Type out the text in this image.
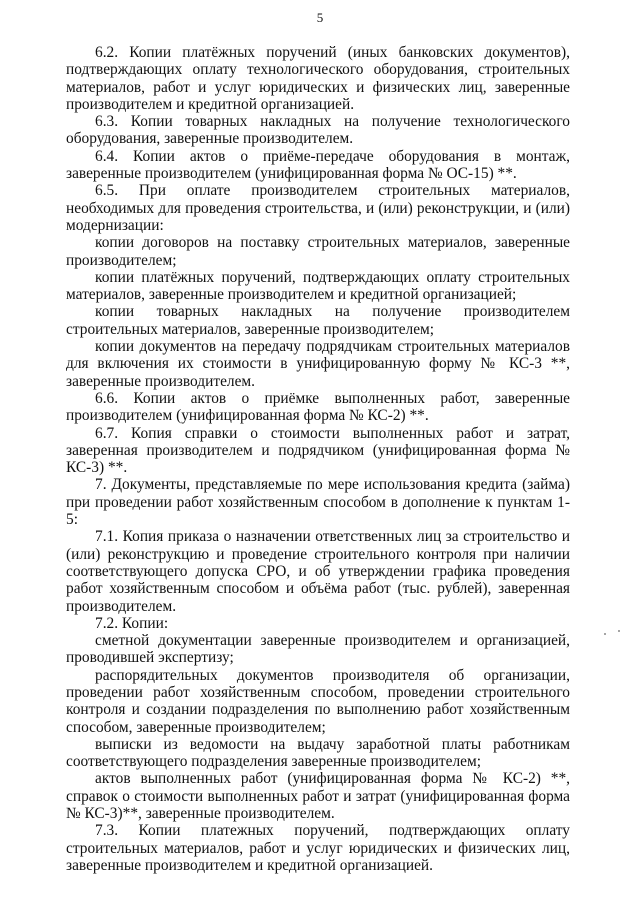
5

6.2. Копии платёжных поручений (иных банковских документов), подтверждающих оплату технологического оборудования, строительных материалов, работ и услуг юридических и физических лиц, заверенные производителем и кредитной организацией.

6.3. Копии товарных накладных на получение технологического оборудования, заверенные производителем.

6.4. Копии актов о приёме-передаче оборудования в монтаж, заверенные производителем (унифицированная форма № ОС-15) **.

6.5. При оплате производителем строительных материалов, необходимых для проведения строительства, и (или) реконструкции, и (или) модернизации:

копии договоров на поставку строительных материалов, заверенные производителем;

копии платёжных поручений, подтверждающих оплату строительных материалов, заверенные производителем и кредитной организацией;

копии товарных накладных на получение производителем строительных материалов, заверенные производителем;

копии документов на передачу подрядчикам строительных материалов для включения их стоимости в унифицированную форму № КС-3 **, заверенные производителем.

6.6. Копии актов о приёмке выполненных работ, заверенные производителем (унифицированная форма № КС-2) **.

6.7. Копия справки о стоимости выполненных работ и затрат, заверенная производителем и подрядчиком (унифицированная форма № КС-3) **.

7. Документы, представляемые по мере использования кредита (займа) при проведении работ хозяйственным способом в дополнение к пунктам 1-5:

7.1. Копия приказа о назначении ответственных лиц за строительство и (или) реконструкцию и проведение строительного контроля при наличии соответствующего допуска СРО, и об утверждении графика проведения работ хозяйственным способом и объёма работ (тыс. рублей), заверенная производителем.

7.2. Копии:

сметной документации заверенные производителем и организацией, проводившей экспертизу;

распорядительных документов производителя об организации, проведении работ хозяйственным способом, проведении строительного контроля и создании подразделения по выполнению работ хозяйственным способом, заверенные производителем;

выписки из ведомости на выдачу заработной платы работникам соответствующего подразделения заверенные производителем;

актов выполненных работ (унифицированная форма № КС-2) **, справок о стоимости выполненных работ и затрат (унифицированная форма № КС-3)**, заверенные производителем.

7.3. Копии платежных поручений, подтверждающих оплату строительных материалов, работ и услуг юридических и физических лиц, заверенные производителем и кредитной организацией.
